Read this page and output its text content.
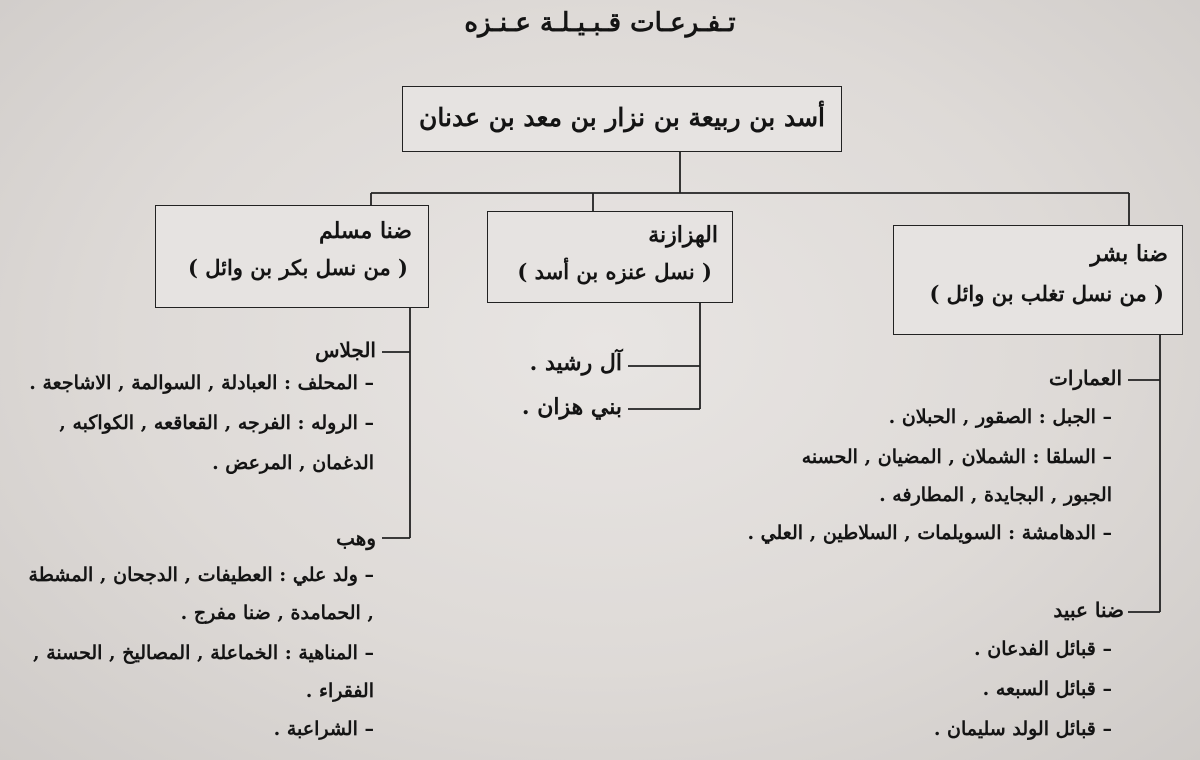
تـفـرعـات قـبـيـلـة عـنـزه
أسد بن ربيعة بن نزار بن معد بن عدنان
ضنا مسلم
( من نسل بكر بن وائل )
الهزازنة
( نسل عنزه بن أسد )
ضنا بشر
( من نسل تغلب بن وائل )
الجلاس
– المحلف : العبادلة , السوالمة , الاشاجعة .
– الروله : الفرجه , القعاقعه , الكواكبه ,
الدغمان , المرعض .
وهب
– ولد علي : العطيفات , الدجحان , المشطة
, الحمامدة , ضنا مفرج .
– المناهية : الخماعلة , المصاليخ , الحسنة ,
الفقراء .
– الشراعبة .
آل رشيد .
بني هزان .
العمارات
– الجبل : الصقور , الحبلان .
– السلقا : الشملان , المضيان , الحسنه
الجبور , البجايدة , المطارفه .
– الدهامشة : السويلمات , السلاطين , العلي .
ضنا عبيد
– قبائل الفدعان .
– قبائل السبعه .
– قبائل الولد سليمان .
